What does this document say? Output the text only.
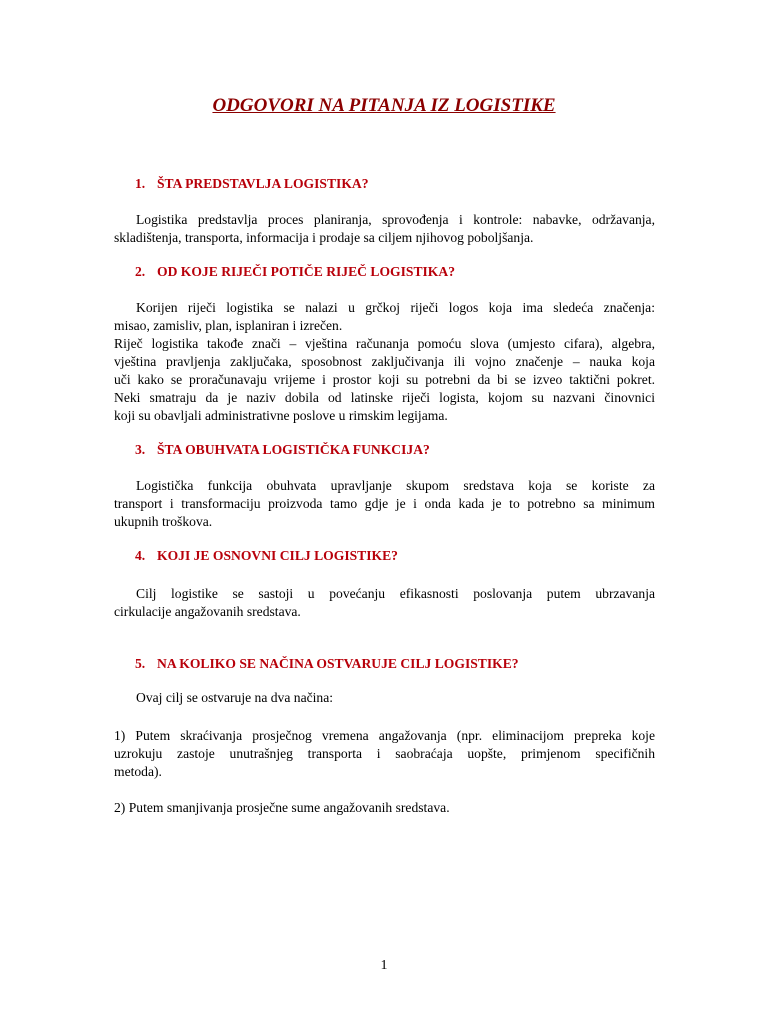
ODGOVORI NA PITANJA IZ LOGISTIKE
1. ŠTA PREDSTAVLJA LOGISTIKA?
Logistika predstavlja proces planiranja, sprovođenja i kontrole: nabavke, održavanja,
skladištenja, transporta, informacija i prodaje sa ciljem njihovog poboljšanja.
2. OD KOJE RIJEČI POTIČE RIJEČ LOGISTIKA?
Korijen riječi logistika se nalazi u grčkoj riječi logos koja ima sledeća značenja:
misao, zamisliv, plan, isplaniran i izrečen.
Riječ logistika takođe znači – vještina računanja pomoću slova (umjesto cifara), algebra,
vještina pravljenja zaključaka, sposobnost zaključivanja ili vojno značenje – nauka koja
uči kako se proračunavaju vrijeme i prostor koji su potrebni da bi se izveo taktični pokret.
Neki smatraju da je naziv dobila od latinske riječi logista, kojom su nazvani činovnici
koji su obavljali administrativne poslove u rimskim legijama.
3. ŠTA OBUHVATA LOGISTIČKA FUNKCIJA?
Logistička funkcija obuhvata upravljanje skupom sredstava koja se koriste za
transport i transformaciju proizvoda tamo gdje je i onda kada je to potrebno sa minimum
ukupnih troškova.
4. KOJI JE OSNOVNI CILJ LOGISTIKE?
Cilj logistike se sastoji u povećanju efikasnosti poslovanja putem ubrzavanja
cirkulacije angažovanih sredstava.
5. NA KOLIKO SE NAČINA OSTVARUJE CILJ LOGISTIKE?
Ovaj cilj se ostvaruje na dva načina:
1) Putem skraćivanja prosječnog vremena angažovanja (npr. eliminacijom prepreka koje
uzrokuju zastoje unutrašnjeg transporta i saobraćaja uopšte, primjenom specifičnih
metoda).
2) Putem smanjivanja prosječne sume angažovanih sredstava.
1
